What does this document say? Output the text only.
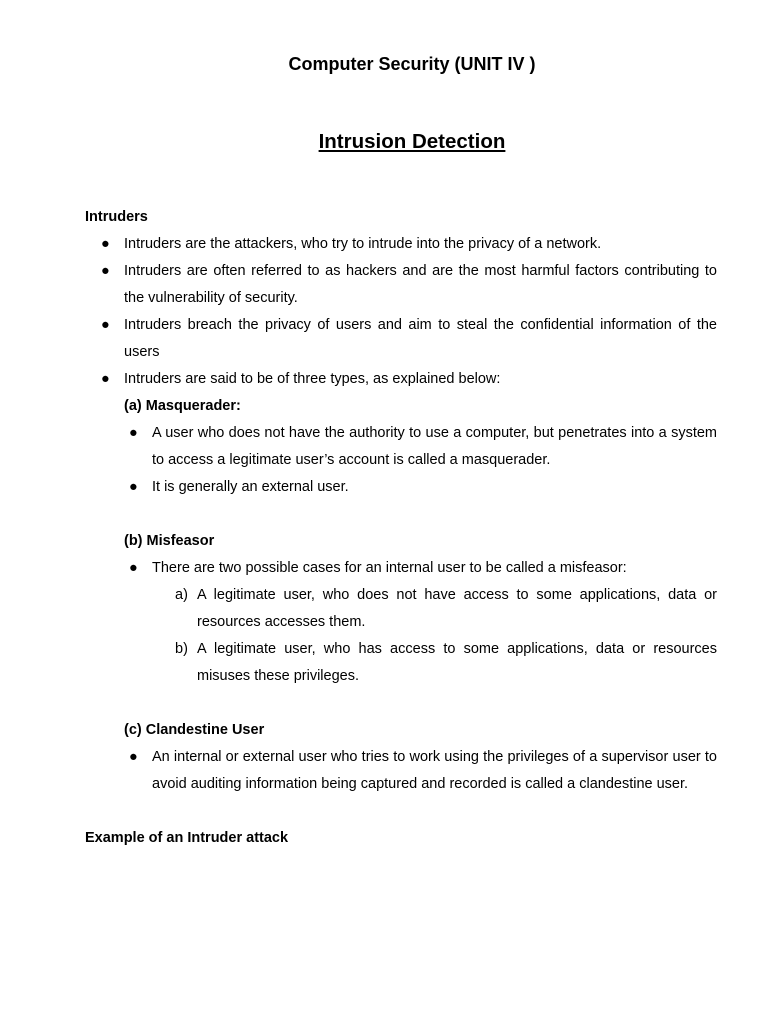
Computer Security (UNIT IV )
Intrusion Detection
Intruders
● Intruders are the attackers, who try to intrude into the privacy of a network.
● Intruders are often referred to as hackers and are the most harmful factors contributing to the vulnerability of security.
● Intruders breach the privacy of users and aim to steal the confidential information of the users
● Intruders are said to be of three types, as explained below:
(a) Masquerader:
● A user who does not have the authority to use a computer, but penetrates into a system to access a legitimate user’s account is called a masquerader.
● It is generally an external user.
(b) Misfeasor
● There are two possible cases for an internal user to be called a misfeasor:
a) A legitimate user, who does not have access to some applications, data or resources accesses them.
b) A legitimate user, who has access to some applications, data or resources misuses these privileges.
(c) Clandestine User
● An internal or external user who tries to work using the privileges of a supervisor user to avoid auditing information being captured and recorded is called a clandestine user.
Example of an Intruder attack
